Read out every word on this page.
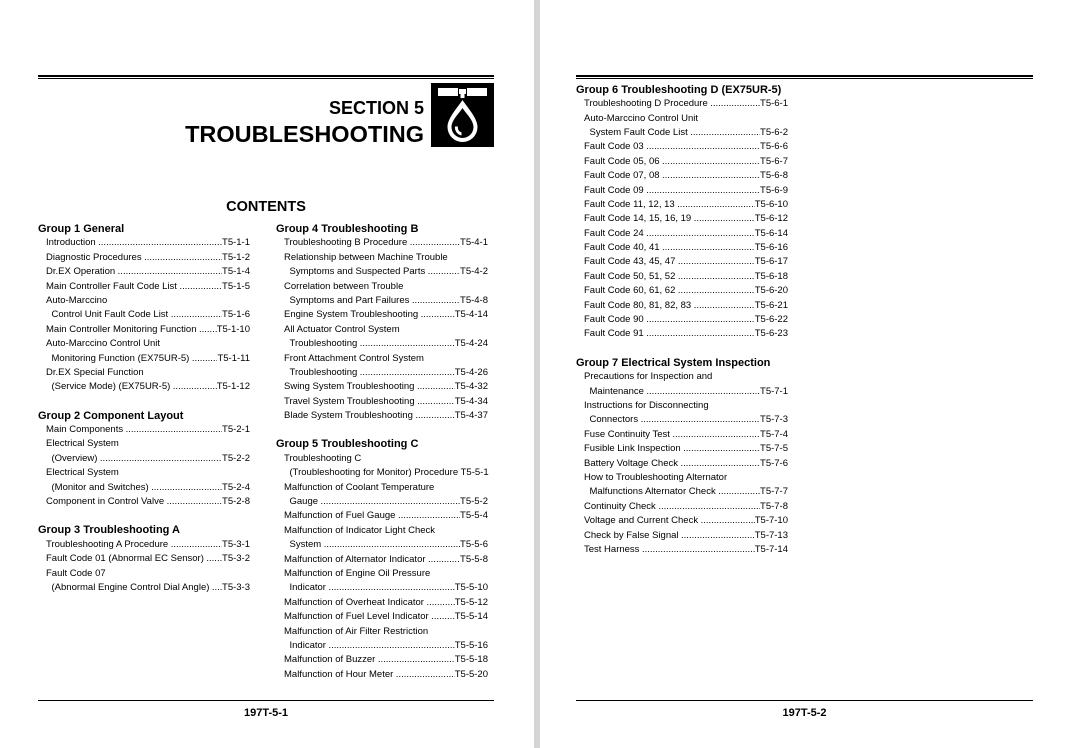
SECTION 5
TROUBLESHOOTING
CONTENTS
Group 1 General
Introduction .....	T5-1-1
Diagnostic Procedures .....	T5-1-2
Dr.EX Operation .....	T5-1-4
Main Controller Fault Code List .....	T5-1-5
Auto-Marccino
Control Unit Fault Code List .....	T5-1-6
Main Controller Monitoring Function ..... T5-1-10
Auto-Marccino Control Unit
Monitoring Function (EX75UR-5) .....	T5-1-11
Dr.EX Special Function
(Service Mode) (EX75UR-5) .....	T5-1-12
Group 2 Component Layout
Main Components .....	T5-2-1
Electrical System
(Overview) .....	T5-2-2
Electrical System
(Monitor and Switches) .....	T5-2-4
Component in Control Valve .....	T5-2-8
Group 3 Troubleshooting A
Troubleshooting A Procedure .....	T5-3-1
Fault Code 01 (Abnormal EC Sensor) ..... T5-3-2
Fault Code 07
(Abnormal Engine Control Dial Angle) ..... T5-3-3
Group 4 Troubleshooting B
Troubleshooting B Procedure .....	T5-4-1
Relationship between Machine Trouble
Symptoms and Suspected Parts .....	T5-4-2
Correlation between Trouble
Symptoms and Part Failures .....	T5-4-8
Engine System Troubleshooting .....	T5-4-14
All Actuator Control System
Troubleshooting .....	T5-4-24
Front Attachment Control System
Troubleshooting .....	T5-4-26
Swing System Troubleshooting .....	T5-4-32
Travel System Troubleshooting .....	T5-4-34
Blade System Troubleshooting .....	T5-4-37
Group 5 Troubleshooting C
Troubleshooting C
(Troubleshooting for Monitor) Procedure ..... T5-5-1
Malfunction of Coolant Temperature
Gauge .....	T5-5-2
Malfunction of Fuel Gauge .....	T5-5-4
Malfunction of Indicator Light Check
System .....	T5-5-6
Malfunction of Alternator Indicator .....	T5-5-8
Malfunction of Engine Oil Pressure
Indicator .....	T5-5-10
Malfunction of Overheat Indicator .....	T5-5-12
Malfunction of Fuel Level Indicator .....	T5-5-14
Malfunction of Air Filter Restriction
Indicator .....	T5-5-16
Malfunction of Buzzer .....	T5-5-18
Malfunction of Hour Meter .....	T5-5-20
197T-5-1
Group 6 Troubleshooting D (EX75UR-5)
Troubleshooting D Procedure .....	T5-6-1
Auto-Marccino Control Unit
System Fault Code List .....	T5-6-2
Fault Code 03 .....	T5-6-6
Fault Code 05, 06 .....	T5-6-7
Fault Code 07, 08 .....	T5-6-8
Fault Code 09 .....	T5-6-9
Fault Code 11, 12, 13 .....	T5-6-10
Fault Code 14, 15, 16, 19 .....	T5-6-12
Fault Code 24 .....	T5-6-14
Fault Code 40, 41 .....	T5-6-16
Fault Code 43, 45, 47 .....	T5-6-17
Fault Code 50, 51, 52 .....	T5-6-18
Fault Code 60, 61, 62 .....	T5-6-20
Fault Code 80, 81, 82, 83 .....	T5-6-21
Fault Code 90 .....	T5-6-22
Fault Code 91 .....	T5-6-23
Group 7 Electrical System Inspection
Precautions for Inspection and
Maintenance .....	T5-7-1
Instructions for Disconnecting
Connectors .....	T5-7-3
Fuse Continuity Test .....	T5-7-4
Fusible Link Inspection .....	T5-7-5
Battery Voltage Check .....	T5-7-6
How to Troubleshooting Alternator
Malfunctions Alternator Check .....	T5-7-7
Continuity Check .....	T5-7-8
Voltage and Current Check .....	T5-7-10
Check by False Signal .....	T5-7-13
Test Harness .....	T5-7-14
197T-5-2
